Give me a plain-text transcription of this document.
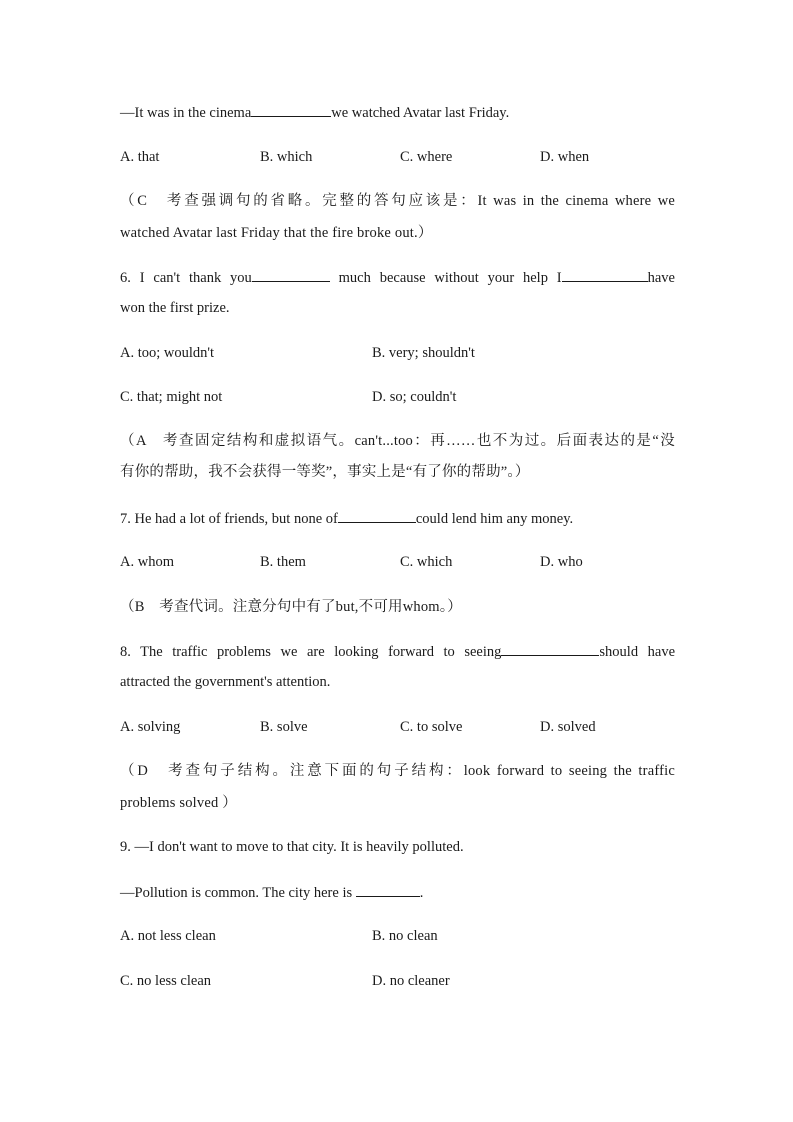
—It was in the cinema	we watched Avatar last Friday.
A. that	B. which	C. where	D. when
（C　考查强调句的省略。完整的答句应该是：It was in the cinema where we
watched Avatar last Friday that the fire broke out.）
6. I can't thank you	much because without your help I	have
won the first prize.
A. too; wouldn't	B. very; shouldn't
C. that; might not	D. so; couldn't
（A　考查固定结构和虚拟语气。can't...too：再……也不为过。后面表达的是“没
有你的帮助，我不会获得一等奖”，事实上是“有了你的帮助”。）
7. He had a lot of friends, but none of	could lend him any money.
A. whom	B. them	C. which	D. who
（B　考查代词。注意分句中有了but,不可用whom。）
8. The traffic problems we are looking forward to seeing	should have
attracted the government's attention.
A. solving	B. solve	C. to solve	D. solved
（D　考查句子结构。注意下面的句子结构：look forward to seeing the traffic
problems solved ）
9. —I don't want to move to that city. It is heavily polluted.
—Pollution is common. The city here is	.
A. not less clean	B. no clean
C. no less clean	D. no cleaner
